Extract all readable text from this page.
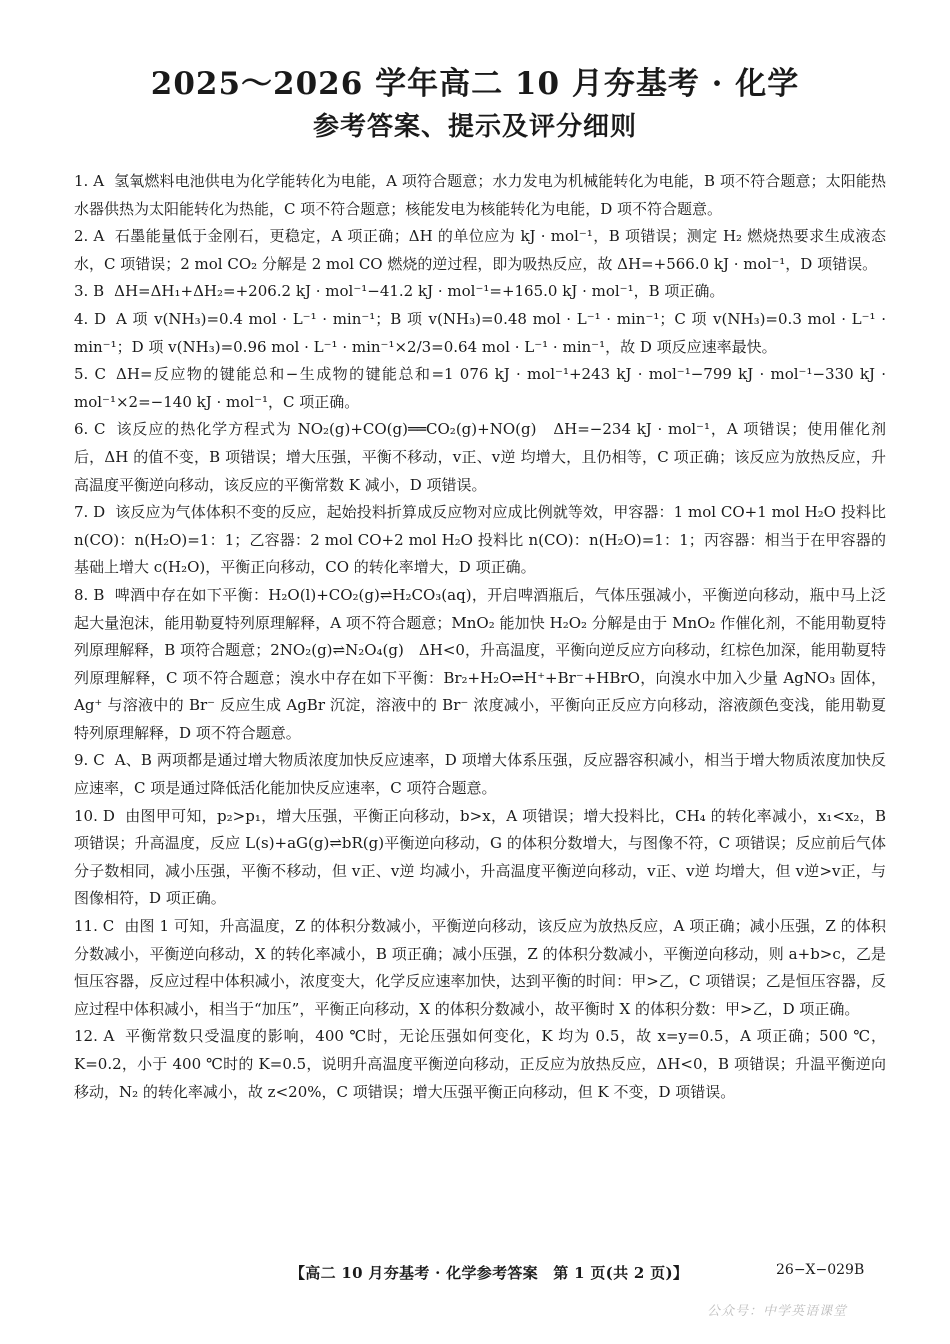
2025～2026 学年高二 10 月夯基考 · 化学
参考答案、提示及评分细则

1. A 氢氧燃料电池供电为化学能转化为电能，A 项符合题意；水力发电为机械能转化为电能，B 项不符合题意；太阳能热水器供热为太阳能转化为热能，C 项不符合题意；核能发电为核能转化为电能，D 项不符合题意。

2. A 石墨能量低于金刚石，更稳定，A 项正确；ΔH 的单位应为 kJ · mol⁻¹，B 项错误；测定 H₂ 燃烧热要求生成液态水，C 项错误；2 mol CO₂ 分解是 2 mol CO 燃烧的逆过程，即为吸热反应，故 ΔH=+566.0 kJ · mol⁻¹，D 项错误。

3. B ΔH=ΔH₁+ΔH₂=+206.2 kJ · mol⁻¹−41.2 kJ · mol⁻¹=+165.0 kJ · mol⁻¹，B 项正确。

4. D A 项 v(NH₃)=0.4 mol · L⁻¹ · min⁻¹；B 项 v(NH₃)=0.48 mol · L⁻¹ · min⁻¹；C 项 v(NH₃)=0.3 mol · L⁻¹ · min⁻¹；D 项 v(NH₃)=0.96 mol · L⁻¹ · min⁻¹×2/3=0.64 mol · L⁻¹ · min⁻¹，故 D 项反应速率最快。

5. C ΔH=反应物的键能总和−生成物的键能总和=1 076 kJ · mol⁻¹+243 kJ · mol⁻¹−799 kJ · mol⁻¹−330 kJ · mol⁻¹×2=−140 kJ · mol⁻¹，C 项正确。

6. C 该反应的热化学方程式为 NO₂(g)+CO(g)══CO₂(g)+NO(g)　ΔH=−234 kJ · mol⁻¹，A 项错误；使用催化剂后，ΔH 的值不变，B 项错误；增大压强，平衡不移动，v正、v逆 均增大，且仍相等，C 项正确；该反应为放热反应，升高温度平衡逆向移动，该反应的平衡常数 K 减小，D 项错误。

7. D 该反应为气体体积不变的反应，起始投料折算成反应物对应成比例就等效，甲容器：1 mol CO+1 mol H₂O 投料比 n(CO)：n(H₂O)=1：1；乙容器：2 mol CO+2 mol H₂O 投料比 n(CO)：n(H₂O)=1：1；丙容器：相当于在甲容器的基础上增大 c(H₂O)，平衡正向移动，CO 的转化率增大，D 项正确。

8. B 啤酒中存在如下平衡：H₂O(l)+CO₂(g)⇌H₂CO₃(aq)，开启啤酒瓶后，气体压强减小，平衡逆向移动，瓶中马上泛起大量泡沫，能用勒夏特列原理解释，A 项不符合题意；MnO₂ 能加快 H₂O₂ 分解是由于 MnO₂ 作催化剂，不能用勒夏特列原理解释，B 项符合题意；2NO₂(g)⇌N₂O₄(g)　ΔH<0，升高温度，平衡向逆反应方向移动，红棕色加深，能用勒夏特列原理解释，C 项不符合题意；溴水中存在如下平衡：Br₂+H₂O⇌H⁺+Br⁻+HBrO，向溴水中加入少量 AgNO₃ 固体，Ag⁺ 与溶液中的 Br⁻ 反应生成 AgBr 沉淀，溶液中的 Br⁻ 浓度减小，平衡向正反应方向移动，溶液颜色变浅，能用勒夏特列原理解释，D 项不符合题意。

9. C A、B 两项都是通过增大物质浓度加快反应速率，D 项增大体系压强，反应器容积减小，相当于增大物质浓度加快反应速率，C 项是通过降低活化能加快反应速率，C 项符合题意。

10. D 由图甲可知，p₂>p₁，增大压强，平衡正向移动，b>x，A 项错误；增大投料比，CH₄ 的转化率减小，x₁<x₂，B 项错误；升高温度，反应 L(s)+aG(g)⇌bR(g)平衡逆向移动，G 的体积分数增大，与图像不符，C 项错误；反应前后气体分子数相同，减小压强，平衡不移动，但 v正、v逆 均减小，升高温度平衡逆向移动，v正、v逆 均增大，但 v逆>v正，与图像相符，D 项正确。

11. C 由图 1 可知，升高温度，Z 的体积分数减小，平衡逆向移动，该反应为放热反应，A 项正确；减小压强，Z 的体积分数减小，平衡逆向移动，X 的转化率减小，B 项正确；减小压强，Z 的体积分数减小，平衡逆向移动，则 a+b>c，乙是恒压容器，反应过程中体积减小，浓度变大，化学反应速率加快，达到平衡的时间：甲>乙，C 项错误；乙是恒压容器，反应过程中体积减小，相当于“加压”，平衡正向移动，X 的体积分数减小，故平衡时 X 的体积分数：甲>乙，D 项正确。

12. A 平衡常数只受温度的影响，400 ℃时，无论压强如何变化，K 均为 0.5，故 x=y=0.5，A 项正确；500 ℃，K=0.2，小于 400 ℃时的 K=0.5，说明升高温度平衡逆向移动，正反应为放热反应，ΔH<0，B 项错误；升温平衡逆向移动，N₂ 的转化率减小，故 z<20%，C 项错误；增大压强平衡正向移动，但 K 不变，D 项错误。

【高二 10 月夯基考 · 化学参考答案　第 1 页(共 2 页)】	26−X−029B
公众号：中学英语课堂
